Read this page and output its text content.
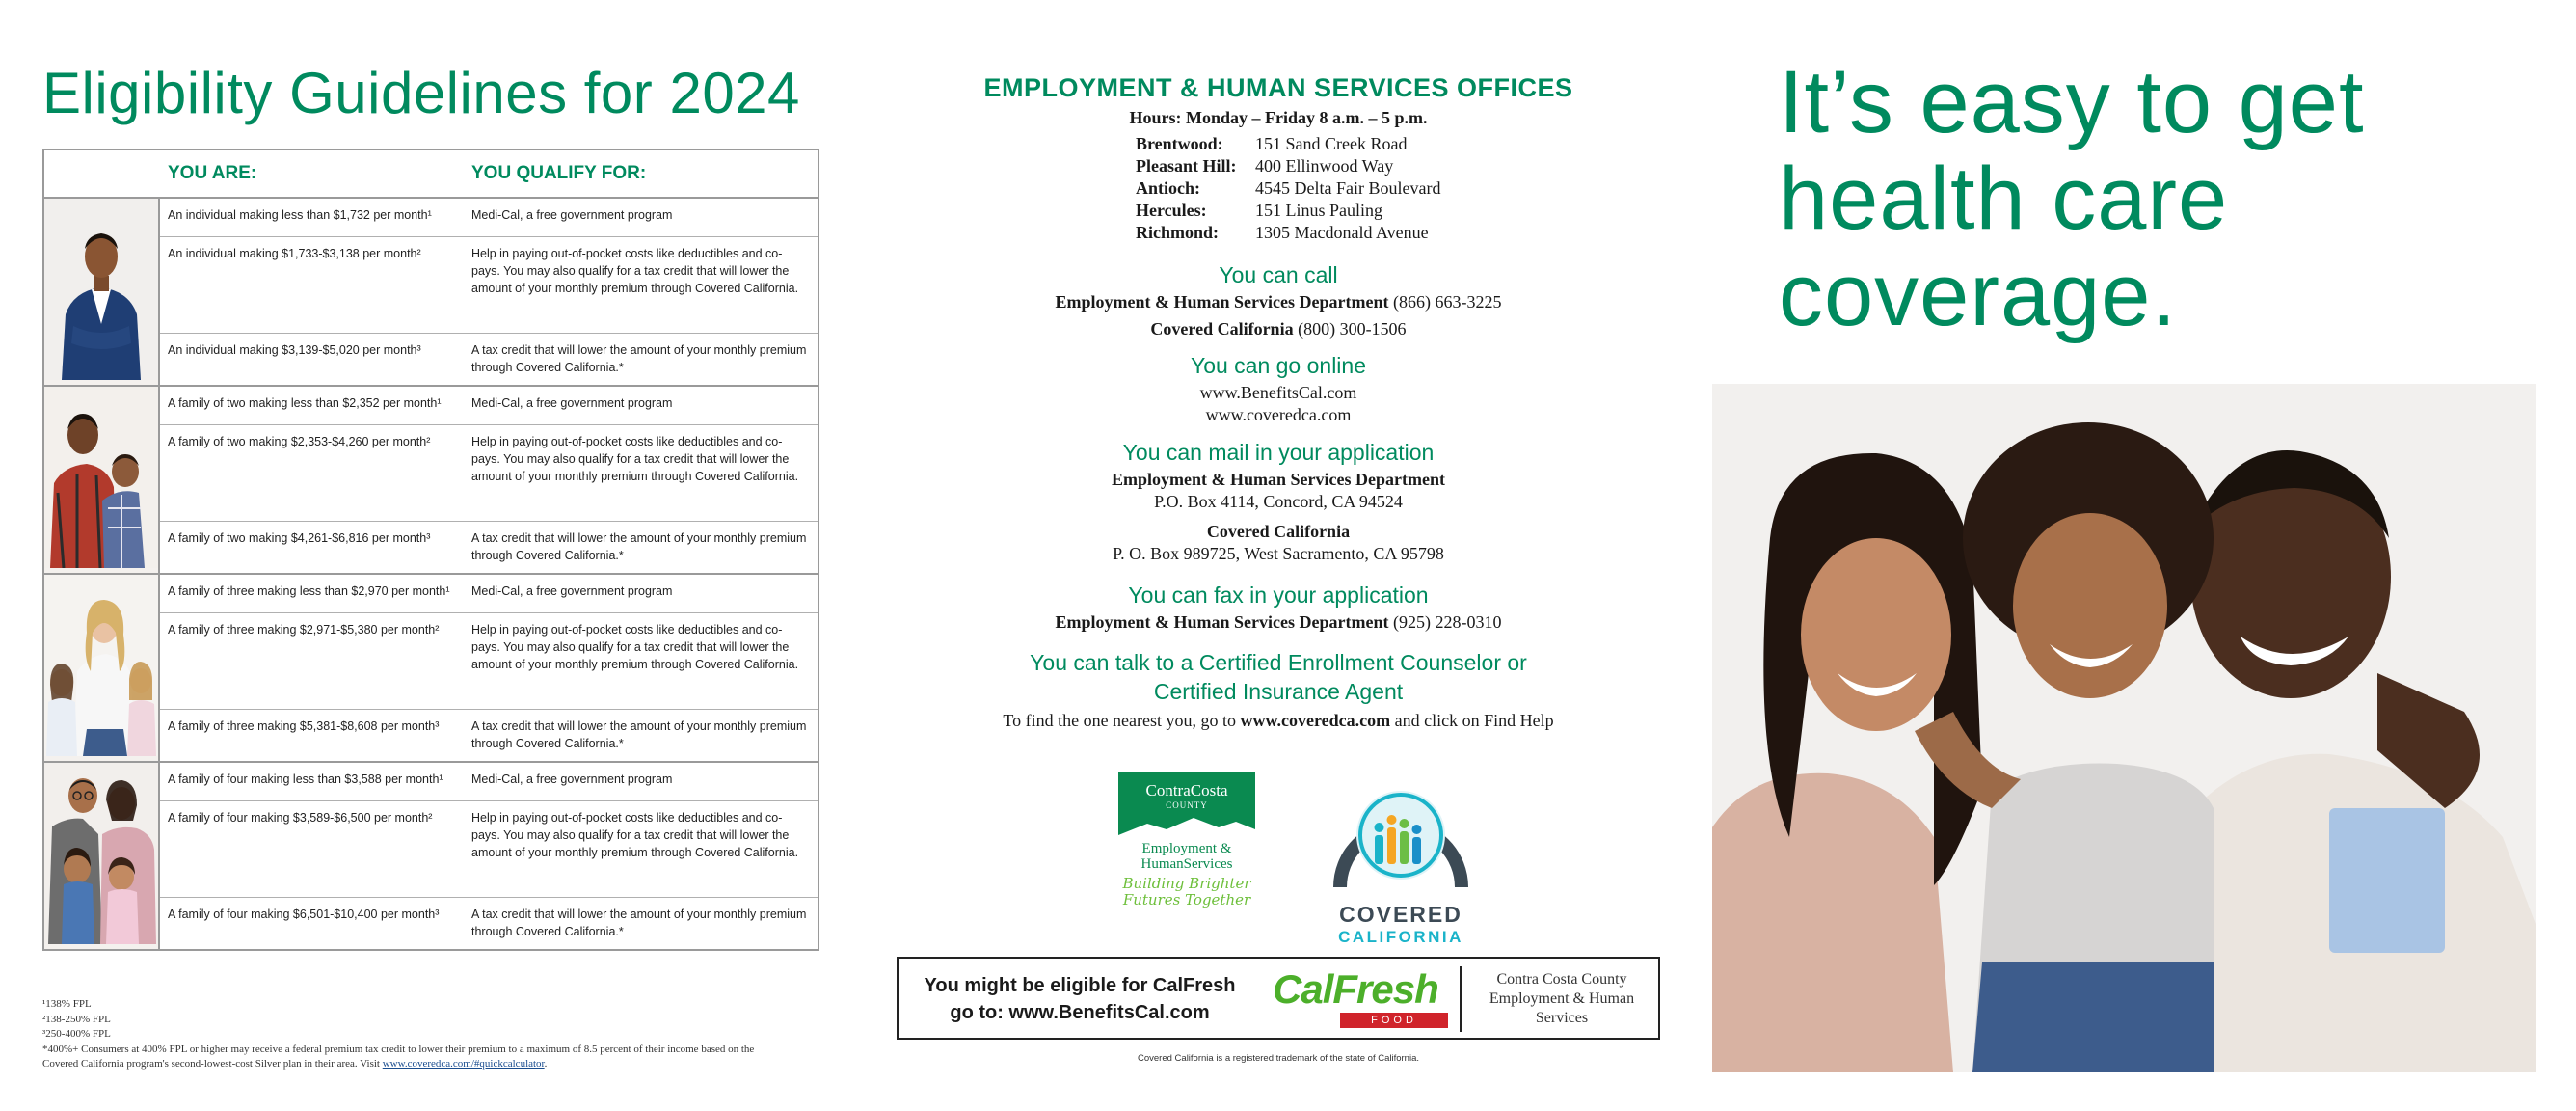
Eligibility Guidelines for 2024
YOU ARE:	YOU QUALIFY FOR:
An individual making less than $1,732 per month¹	Medi-Cal, a free government program
An individual making $1,733-$3,138 per month²	Help in paying out-of-pocket costs like deductibles and co-pays. You may also qualify for a tax credit that will lower the amount of your monthly premium through Covered California.
An individual making $3,139-$5,020 per month³	A tax credit that will lower the amount of your monthly premium through Covered California.*
A family of two making less than $2,352 per month¹	Medi-Cal, a free government program
A family of two making $2,353-$4,260 per month²	Help in paying out-of-pocket costs like deductibles and co-pays. You may also qualify for a tax credit that will lower the amount of your monthly premium through Covered California.
A family of two making $4,261-$6,816 per month³	A tax credit that will lower the amount of your monthly premium through Covered California.*
A family of three making less than $2,970 per month¹	Medi-Cal, a free government program
A family of three making $2,971-$5,380 per month²	Help in paying out-of-pocket costs like deductibles and co-pays. You may also qualify for a tax credit that will lower the amount of your monthly premium through Covered California.
A family of three making $5,381-$8,608 per month³	A tax credit that will lower the amount of your monthly premium through Covered California.*
A family of four making less than $3,588 per month¹	Medi-Cal, a free government program
A family of four making $3,589-$6,500 per month²	Help in paying out-of-pocket costs like deductibles and co-pays. You may also qualify for a tax credit that will lower the amount of your monthly premium through Covered California.
A family of four making $6,501-$10,400 per month³	A tax credit that will lower the amount of your monthly premium through Covered California.*
¹138% FPL
²138-250% FPL
³250-400% FPL
*400%+ Consumers at 400% FPL or higher may receive a federal premium tax credit to lower their premium to a maximum of 8.5 percent of their income based on the Covered California program's second-lowest-cost Silver plan in their area. Visit www.coveredca.com/#quickcalculator.
EMPLOYMENT & HUMAN SERVICES OFFICES
Hours: Monday – Friday 8 a.m. – 5 p.m.
Brentwood: 151 Sand Creek Road
Pleasant Hill: 400 Ellinwood Way
Antioch:	4545 Delta Fair Boulevard
Hercules:	151 Linus Pauling
Richmond: 1305 Macdonald Avenue
You can call
Employment & Human Services Department (866) 663-3225
Covered California (800) 300-1506
You can go online
www.BenefitsCal.com
www.coveredca.com
You can mail in your application
Employment & Human Services Department
P.O. Box 4114, Concord, CA 94524
Covered California
P. O. Box 989725, West Sacramento, CA 95798
You can fax in your application
Employment & Human Services Department (925) 228-0310
You can talk to a Certified Enrollment Counselor or
Certified Insurance Agent
To find the one nearest you, go to www.coveredca.com and click on Find Help
ContraCosta
COUNTY
Employment &
HumanServices
Building Brighter
Futures Together
COVERED
CALIFORNIA
You might be eligible for CalFresh
go to: www.BenefitsCal.com
CalFresh
FOOD
Contra Costa County Employment & Human Services
Covered California is a registered trademark of the state of California.
It’s easy to get
health care
coverage.
